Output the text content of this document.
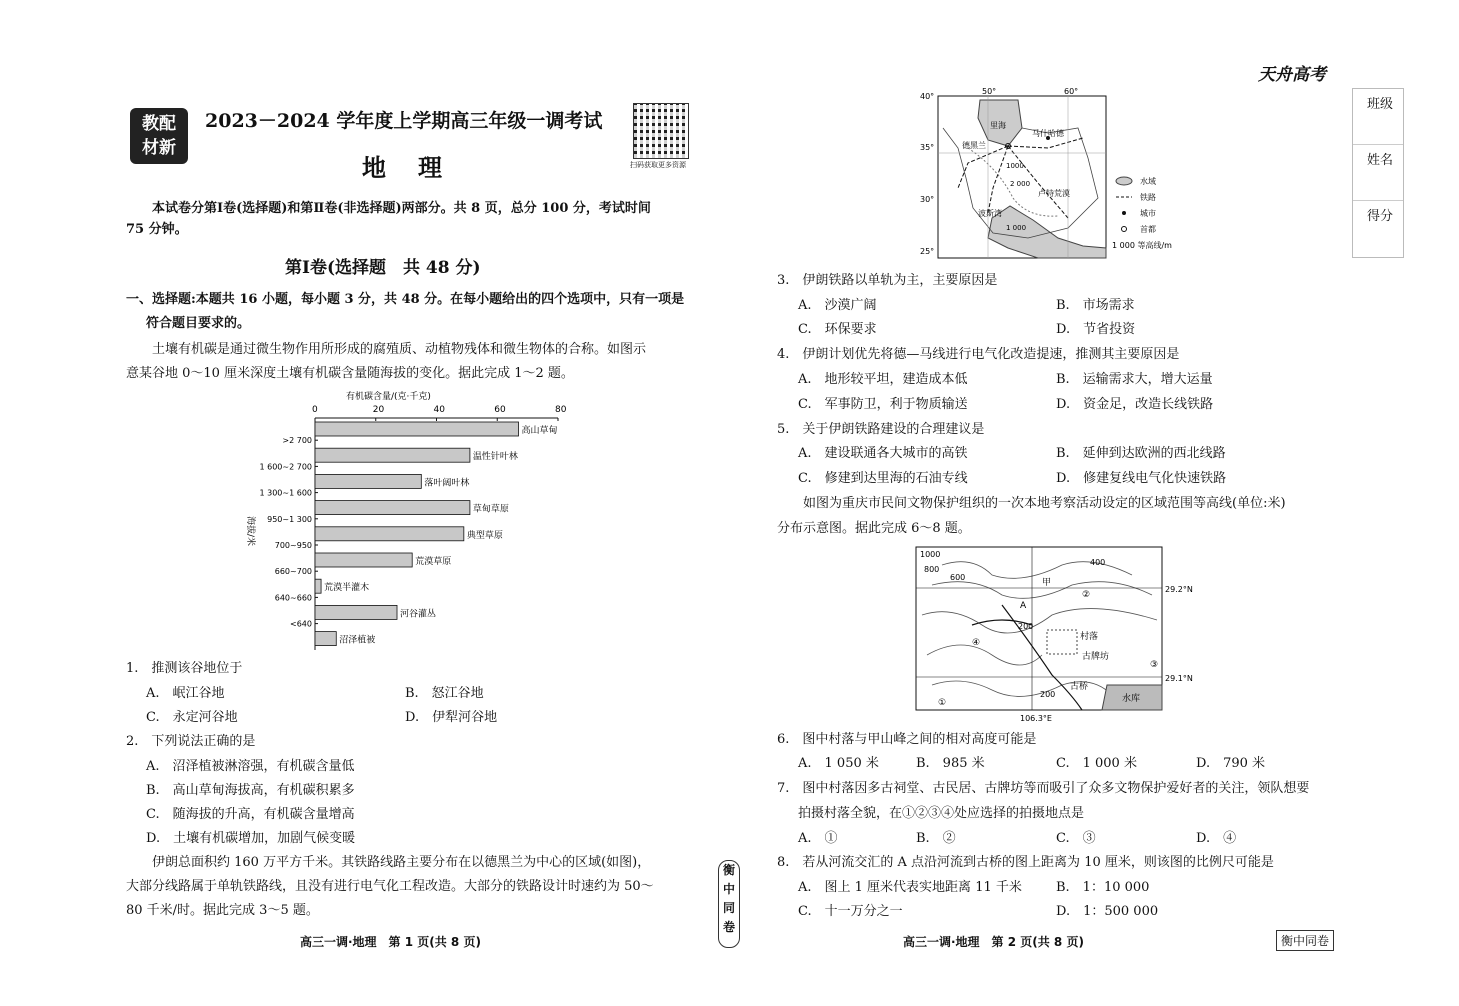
天舟高考
班级
姓名
得分
教配
材新
2023－2024 学年度上学期高三年级一调考试
地　理	扫码获取更多资源
本试卷分第Ⅰ卷(选择题)和第Ⅱ卷(非选择题)两部分。共 8 页，总分 100 分，考试时间
75 分钟。
第Ⅰ卷(选择题　共 48 分)
一、选择题:本题共 16 小题，每小题 3 分，共 48 分。在每小题给出的四个选项中，只有一项是
符合题目要求的。
土壤有机碳是通过微生物作用所形成的腐殖质、动植物残体和微生物体的合称。如图示
意某谷地 0～10 厘米深度土壤有机碳含量随海拔的变化。据此完成 1～2 题。
有机碳含量/(克·千克)
0	20	40	60	80
高山草甸
温性针叶林
落叶阔叶林
草甸草原
典型草原
荒漠草原
荒漠半灌木
河谷灌丛
沼泽植被
>2 700
1 600~2 700
1 300~1 600
950~1 300
700~950
660~700
640~660
<640
海拔/米
1.　推测该谷地位于
A.　岷江谷地	B.　怒江谷地
C.　永定河谷地	D.　伊犁河谷地
2.　下列说法正确的是
A.　沼泽植被淋溶强，有机碳含量低
B.　高山草甸海拔高，有机碳积累多
C.　随海拔的升高，有机碳含量增高
D.　土壤有机碳增加，加剧气候变暖
伊朗总面积约 160 万平方千米。其铁路线路主要分布在以德黑兰为中心的区域(如图)，
大部分线路属于单轨铁路线，且没有进行电气化工程改造。大部分的铁路设计时速约为 50～
80 千米/时。据此完成 3～5 题。
高三一调·地理　第 1 页(共 8 页)
衡
中
同
卷
40°
35°
30°
25°
50°	60°
里海
马什哈德
德黑兰
卢特荒漠
波斯湾
1000
2 000
1 000
水域
铁路
城市
首都
1 000 等高线/m
3.　伊朗铁路以单轨为主，主要原因是
A.　沙漠广阔	B.　市场需求
C.　环保要求	D.　节省投资
4.　伊朗计划优先将德—马线进行电气化改造提速，推测其主要原因是
A.　地形较平坦，建造成本低	B.　运输需求大，增大运量
C.　军事防卫，利于物质输送	D.　资金足，改造长线铁路
5.　关于伊朗铁路建设的合理建议是
A.　建设联通各大城市的高铁	B.　延伸到达欧洲的西北线路
C.　修建到达里海的石油专线	D.　修建复线电气化快速铁路
如图为重庆市民间文物保护组织的一次本地考察活动设定的区域范围等高线(单位:米)
分布示意图。据此完成 6～8 题。
1000
800
600
400
200
200
甲
A
村落
古牌坊
古桥
水库
29.2°N
29.1°N
106.3°E
①
②
③
④
6.　图中村落与甲山峰之间的相对高度可能是
A.　1 050 米	B.　985 米	C.　1 000 米	D.　790 米
7.　图中村落因多古祠堂、古民居、古牌坊等而吸引了众多文物保护爱好者的关注，领队想要
拍摄村落全貌，在①②③④处应选择的拍摄地点是
A.　①	B.　②	C.　③	D.　④
8.　若从河流交汇的 A 点沿河流到古桥的图上距离为 10 厘米，则该图的比例尺可能是
A.　图上 1 厘米代表实地距离 11 千米	B.　1：10 000
C.　十一万分之一	D.　1：500 000
高三一调·地理　第 2 页(共 8 页)	衡中同卷
